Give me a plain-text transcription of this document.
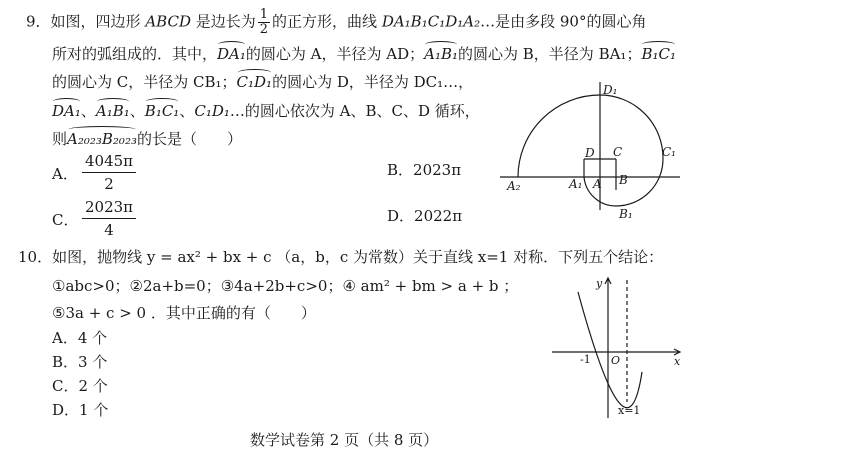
9．如图，四边形 ABCD 是边长为 $\frac{1}{2}$ 的正方形，曲线 DA₁B₁C₁D₁A₂…是由多段 90°的圆心角
所对的弧组成的．其中，DA₁的圆心为 A，半径为 AD；A₁B₁的圆心为 B，半径为 BA₁；B₁C₁
的圆心为 C，半径为 CB₁；C₁D₁的圆心为 D，半径为 DC₁…，
DA₁、A₁B₁、B₁C₁、C₁D₁…的圆心依次为 A、B、C、D 循环，
则A₂₀₂₃B₂₀₂₃的长是（　　）
A． $\frac{4045\pi}{2}$	B．2023π
C． $\frac{2023\pi}{4}$	D．2022π
D₁
D C	C₁
A₂	A₁ A B
B₁
10．如图，抛物线 y = ax² + bx + c （a，b，c 为常数）关于直线 x=1 对称．下列五个结论：
①abc>0；②2a+b=0；③4a+2b+c>0；④ am² + bm > a + b ；
⑤3a + c > 0 ．其中正确的有（　　）
A．4 个
B．3 个
C．2 个
D．1 个
y
x
-1 O
x=1
数学试卷第 2 页（共 8 页）
